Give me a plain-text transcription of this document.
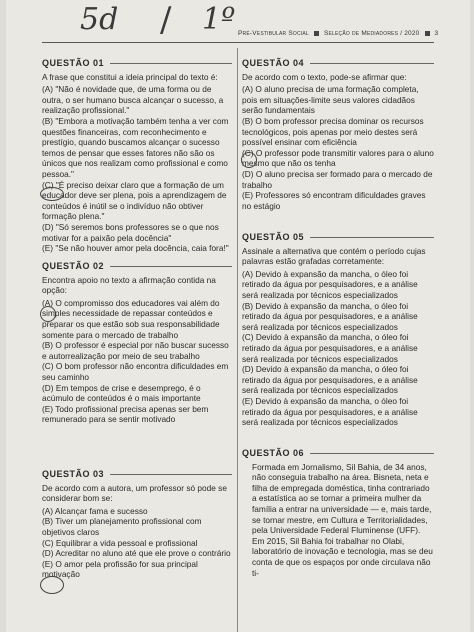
5d / 1º Pré-Vestibular Social Seleção de Mediadores / 2020 3
QUESTÃO 01

A frase que constitui a ideia principal do texto é:

(A) "Não é novidade que, de uma forma ou de outra, o ser humano busca alcançar o sucesso, a realização profissional."

(B) "Embora a motivação também tenha a ver com questões financeiras, com reconhecimento e prestígio, quando buscamos alcançar o sucesso temos de pensar que esses fatores não são os únicos que nos realizam como profissional e como pessoa."

(C) "É preciso deixar claro que a formação de um educador deve ser plena, pois a aprendizagem de conteúdos é inútil se o indivíduo não obtiver formação plena."

(D) "Só seremos bons professores se o que nos motivar for a paixão pela docência"

(E) "Se não houver amor pela docência, caia fora!"

QUESTÃO 02

Encontra apoio no texto a afirmação contida na opção:

(A) O compromisso dos educadores vai além do simples necessidade de repassar conteúdos e preparar os que estão sob sua responsabilidade somente para o mercado de trabalho

(B) O professor é especial por não buscar sucesso e autorrealização por meio de seu trabalho

(C) O bom professor não encontra dificuldades em seu caminho

(D) Em tempos de crise e desemprego, é o acúmulo de conteúdos é o mais importante

(E) Todo profissional precisa apenas ser bem remunerado para se sentir motivado

QUESTÃO 03

De acordo com a autora, um professor só pode se considerar bom se:

(A) Alcançar fama e sucesso

(B) Tiver um planejamento profissional com objetivos claros

(C) Equilibrar a vida pessoal e profissional

(D) Acreditar no aluno até que ele prove o contrário

(E) O amor pela profissão for sua principal motivação

QUESTÃO 04

De acordo com o texto, pode-se afirmar que:

(A) O aluno precisa de uma formação completa, pois em situações-limite seus valores cidadãos serão fundamentais

(B) O bom professor precisa dominar os recursos tecnológicos, pois apenas por meio destes será possível ensinar com eficiência

(C) O professor pode transmitir valores para o aluno mesmo que não os tenha

(D) O aluno precisa ser formado para o mercado de trabalho

(E) Professores só encontram dificuldades graves no estágio

QUESTÃO 05

Assinale a alternativa que contém o período cujas palavras estão grafadas corretamente:

(A) Devido à expansão da mancha, o óleo foi retirado da água por pesquisadores, e a análise será realizada por técnicos especializados

(B) Devido à expansão da mancha, o óleo foi retirado da água por pesquisadores, e a análise será realizada por técnicos especializados

(C) Devido à expansão da mancha, o óleo foi retirado da água por pesquisadores, e a análise será realizada por técnicos especializados

(D) Devido à expansão da mancha, o óleo foi retirado da água por pesquisadores, e a análise será realizada por técnicos especializados

(E) Devido à expansão da mancha, o óleo foi retirado da água por pesquisadores, e a análise será realizada por técnicos especializados

QUESTÃO 06

Formada em Jornalismo, Sil Bahia, de 34 anos, não conseguia trabalho na área. Bisneta, neta e filha de empregada doméstica, tinha contrariado a estatística ao se tornar a primeira mulher da família a entrar na universidade — e, mais tarde, se tornar mestre, em Cultura e Territorialidades, pela Universidade Federal Fluminense (UFF). Em 2015, Sil Bahia foi trabalhar no Olabi, laboratório de inovação e tecnologia, mas se deu conta de que os espaços por onde circulava não ti-
